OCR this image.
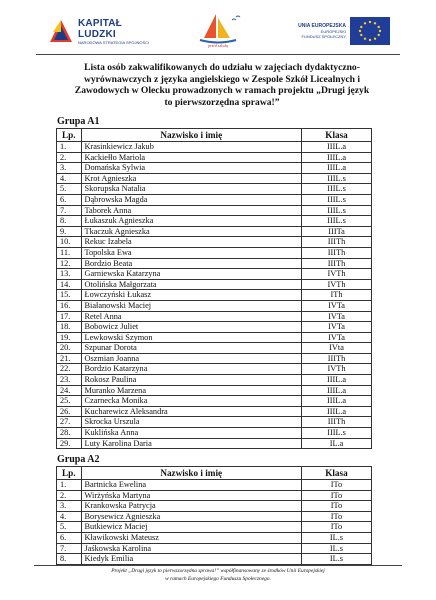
KAPITAŁ LUDZKI
NARODOWA STRATEGIA SPÓJNOŚCI
przed szkołą
UNIA EUROPEJSKA
EUROPEJSKI
FUNDUSZ SPOŁECZNY
Lista osób zakwalifikowanych do udziału w zajęciach dydaktyczno-
wyrównawczych z języka angielskiego w Zespole Szkół Licealnych i
Zawodowych w Olecku prowadzonych w ramach projektu „Drugi język
to pierwszorzędna sprawa!”
Grupa A1
Lp.	Nazwisko i imię	Klasa
1.	Krasinkiewicz Jakub	IIIL.a
2.	Kackiełło Mariola	IIIL.a
3.	Domańska Sylwia	IIIL.a
4.	Krot Agnieszka	IIIL.s
5.	Skorupska Natalia	IIIL.s
6.	Dąbrowska Magda	IIIL.s
7.	Taborek Anna	IIIL.s
8.	Łukaszuk Agnieszka	IIIL.s
9.	Tkaczuk Agnieszka	IIITa
10.	Rekuc Izabela	IIITh
11.	Topolska Ewa	IIITh
12.	Bordzio Beata	IIITh
13.	Garniewska Katarzyna	IVTh
14.	Otolińska Małgorzata	IVTh
15.	Łowczyński Łukasz	ITh
16.	Białanowski Maciej	IVTa
17.	Retel Anna	IVTa
18.	Bobowicz Juliet	IVTa
19.	Lewkowski Szymon	IVTa
20.	Szpunar Dorota	IVta
21.	Oszmian Joanna	IIITh
22.	Bordzio Katarzyna	IVTh
23.	Rokosz Paulina	IIIL.a
24.	Muranko Marzena	IIIL.a
25.	Czarnecka Monika	IIIL.a
26.	Kucharewicz Aleksandra	IIIL.a
27.	Skrocka Urszula	IIITh
28.	Kuklińska Anna	IIIL.s
29.	Luty Karolina Daria	IL.a
Grupa A2
Lp.	Nazwisko i imię	Klasa
1.	Bartnicka Ewelina	ITo
2.	Wirżyńska Martyna	ITo
3.	Krankowska Patrycja	ITo
4.	Borysewicz Agnieszka	ITo
5.	Butkiewicz Maciej	ITo
6.	Kławikowski Mateusz	IL.s
7.	Jaśkowska Karolina	IL.s
8.	Kiedyk Emilia	IL.s
Projekt „Drugi język to pierwszorzędna sprawa!” współfinansowany ze środków Unii Europejskiej
w ramach Europejskiego Funduszu Społecznego.
